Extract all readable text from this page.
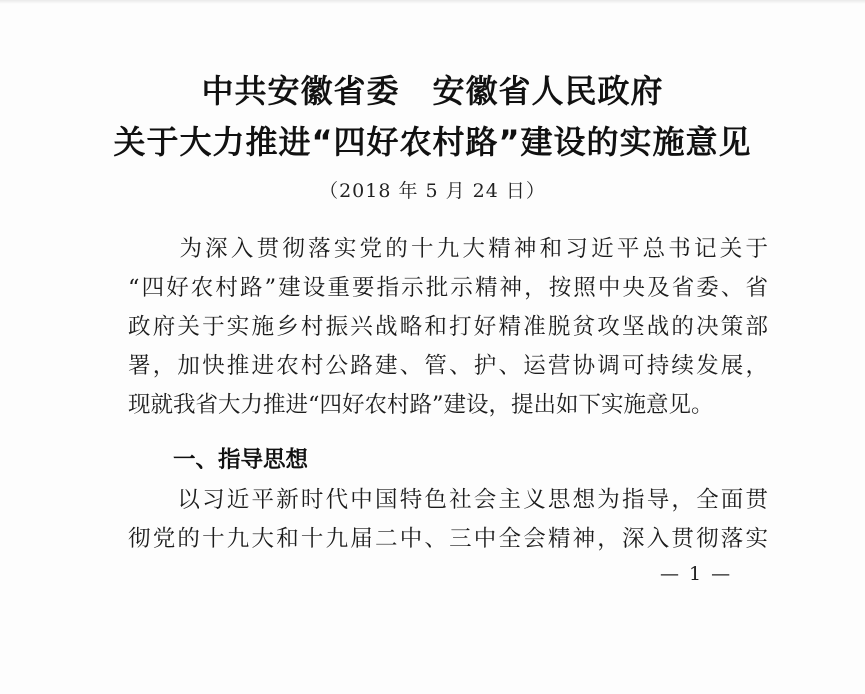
中共安徽省委　安徽省人民政府
关于大力推进“四好农村路”建设的实施意见
（2018 年 5 月 24 日）
　　为深入贯彻落实党的十九大精神和习近平总书记关于
“四好农村路”建设重要指示批示精神，按照中央及省委、省
政府关于实施乡村振兴战略和打好精准脱贫攻坚战的决策部
署，加快推进农村公路建、管、护、运营协调可持续发展，
现就我省大力推进“四好农村路”建设，提出如下实施意见。
一、指导思想
　　以习近平新时代中国特色社会主义思想为指导，全面贯
彻党的十九大和十九届二中、三中全会精神，深入贯彻落实
— 1 —
